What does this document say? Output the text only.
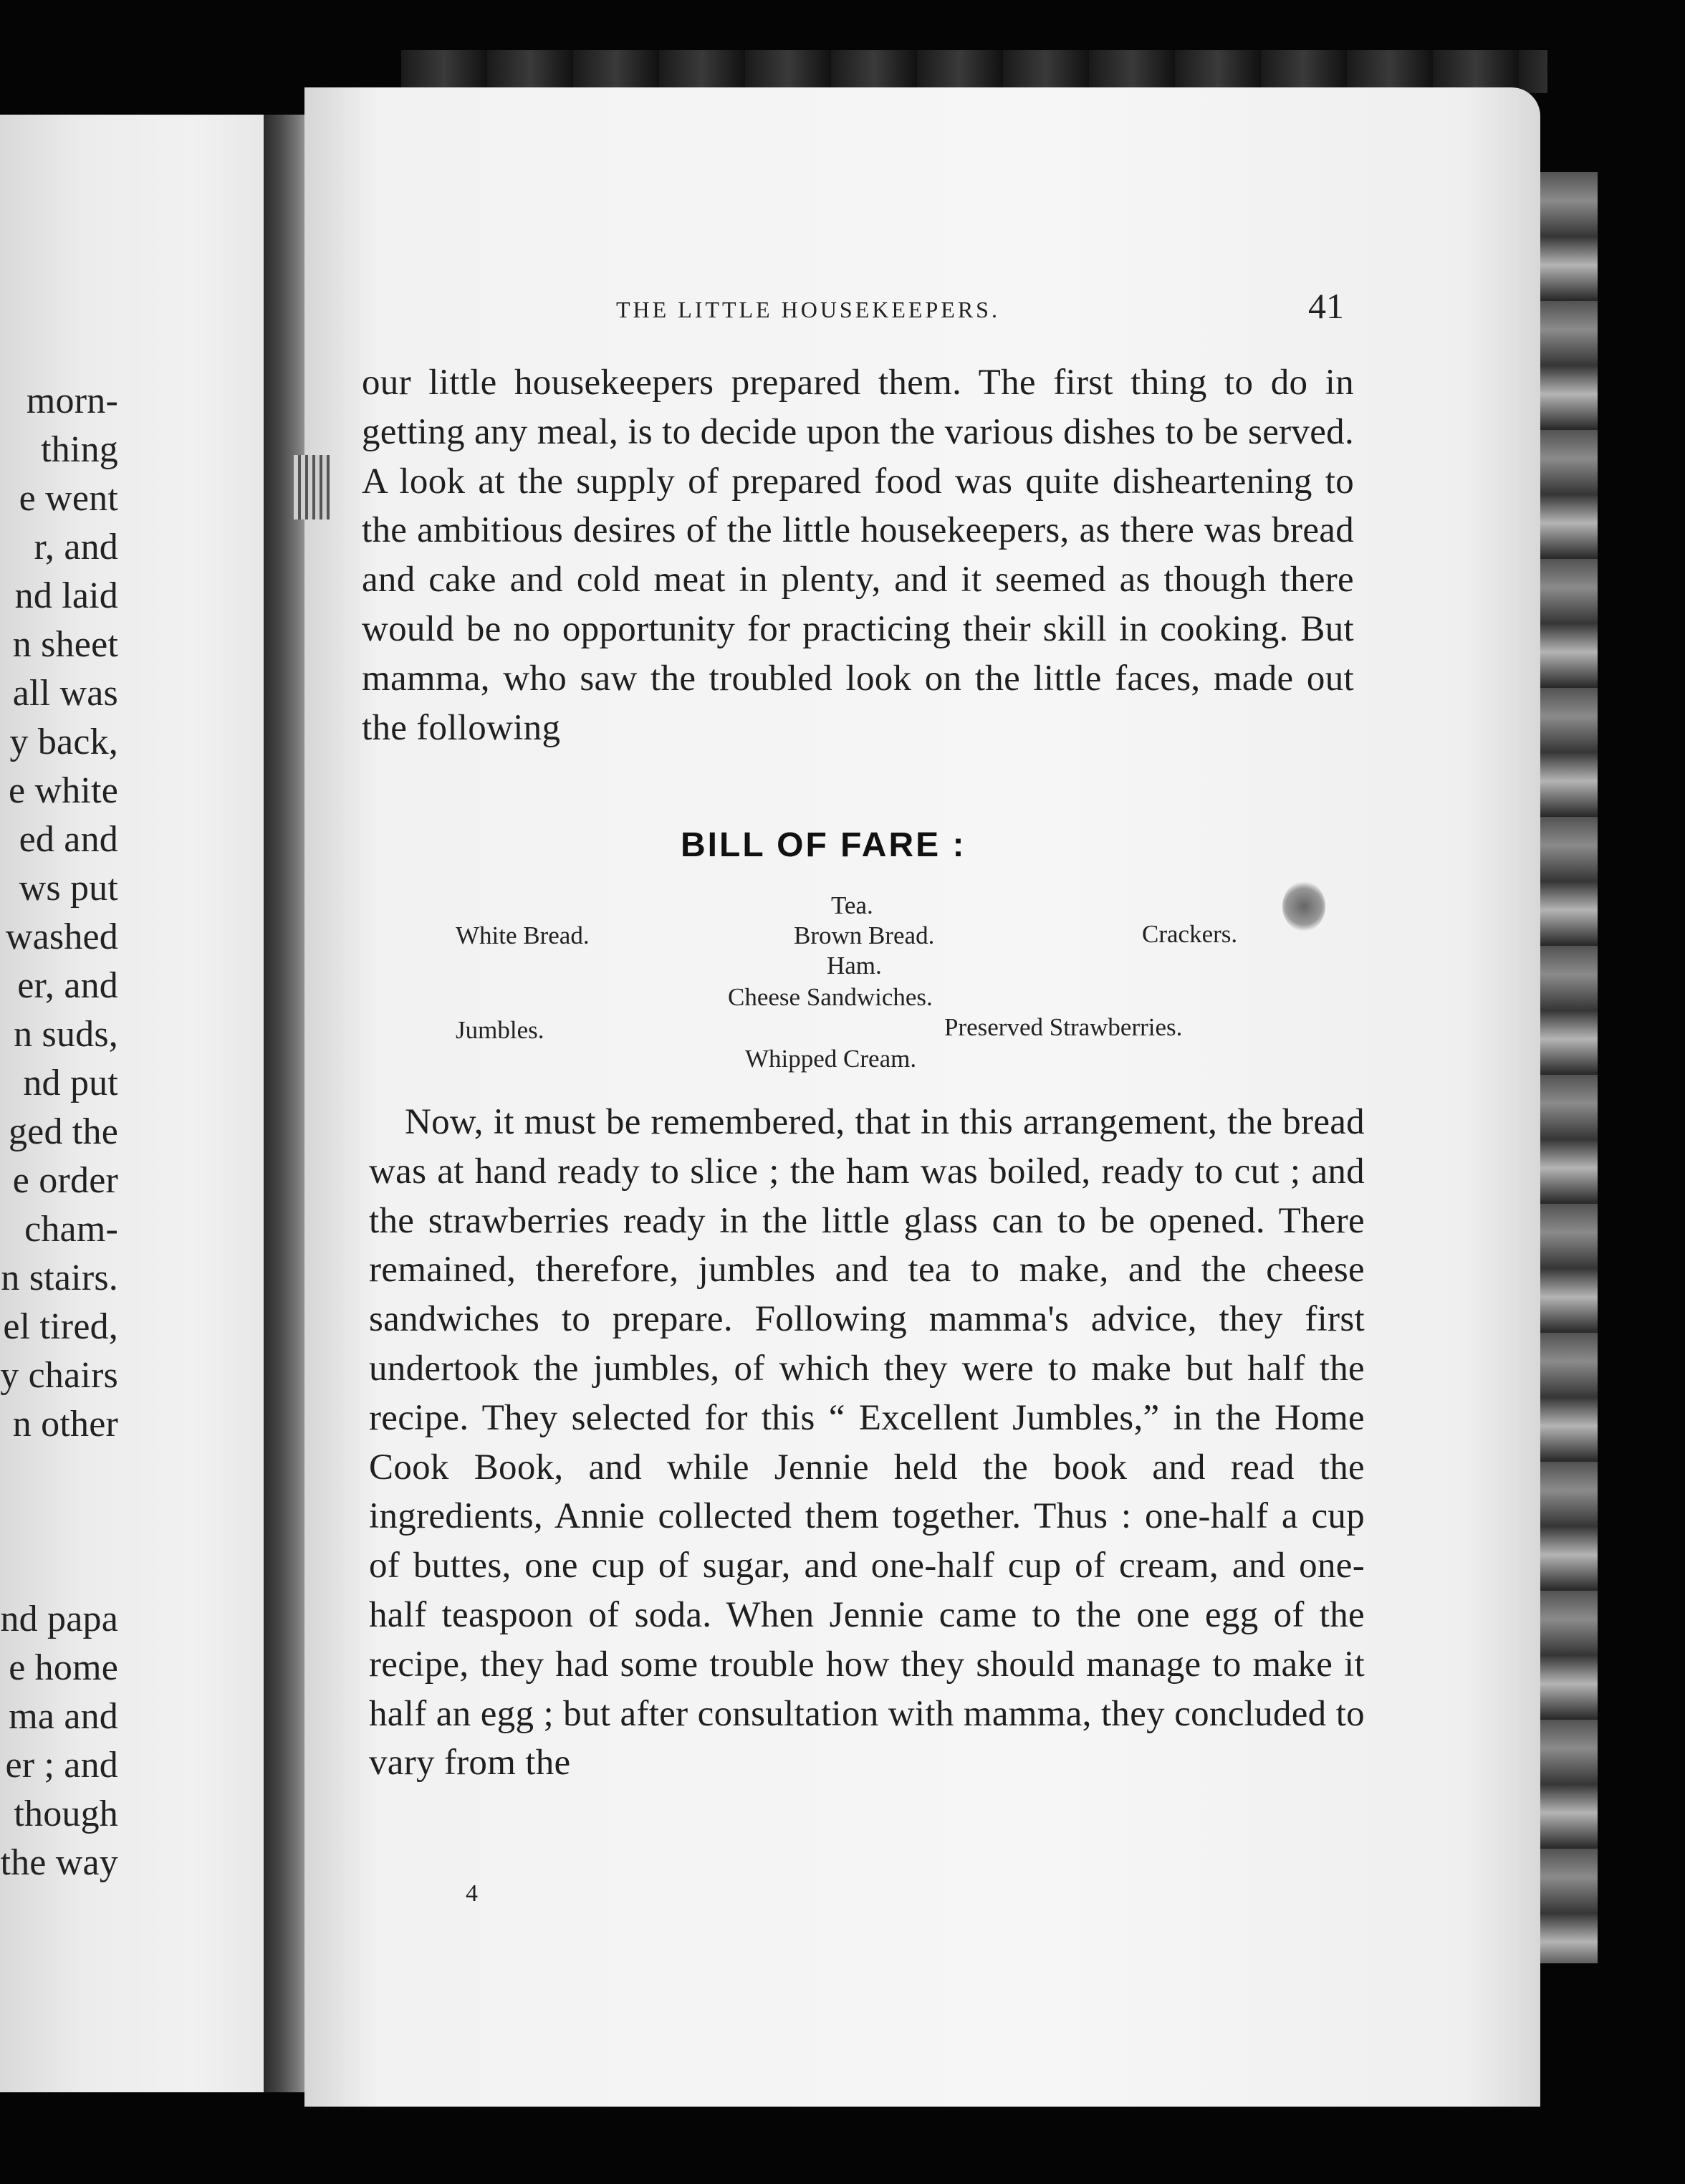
morn-
thing
e went
r, and
nd laid
n sheet
all was
y back,
e white
ed and
ws put
washed
er, and
n suds,
nd put
ged the
e order
cham-
n stairs.
el tired,
y chairs
n other
nd papa
e home
ma and
er ; and
though
the way
THE LITTLE HOUSEKEEPERS.	41

our little housekeepers prepared them. The first thing to do in getting any meal, is to decide upon the various dishes to be served. A look at the supply of prepared food was quite disheartening to the ambitious desires of the little housekeepers, as there was bread and cake and cold meat in plenty, and it seemed as though there would be no opportunity for practicing their skill in cooking. But mamma, who saw the troubled look on the little faces, made out the following

BILL OF FARE :
Tea.
White Bread.	Brown Bread.	Crackers.
Ham.
Cheese Sandwiches.
Jumbles.	Preserved Strawberries.
Whipped Cream.

Now, it must be remembered, that in this arrangement, the bread was at hand ready to slice ; the ham was boiled, ready to cut ; and the strawberries ready in the little glass can to be opened. There remained, therefore, jumbles and tea to make, and the cheese sandwiches to prepare. Following mamma's advice, they first undertook the jumbles, of which they were to make but half the recipe. They selected for this “ Excellent Jumbles,” in the Home Cook Book, and while Jennie held the book and read the ingredients, Annie collected them together. Thus : one-half a cup of buttes, one cup of sugar, and one-half cup of cream, and one-half teaspoon of soda. When Jennie came to the one egg of the recipe, they had some trouble how they should manage to make it half an egg ; but after consultation with mamma, they concluded to vary from the

4
